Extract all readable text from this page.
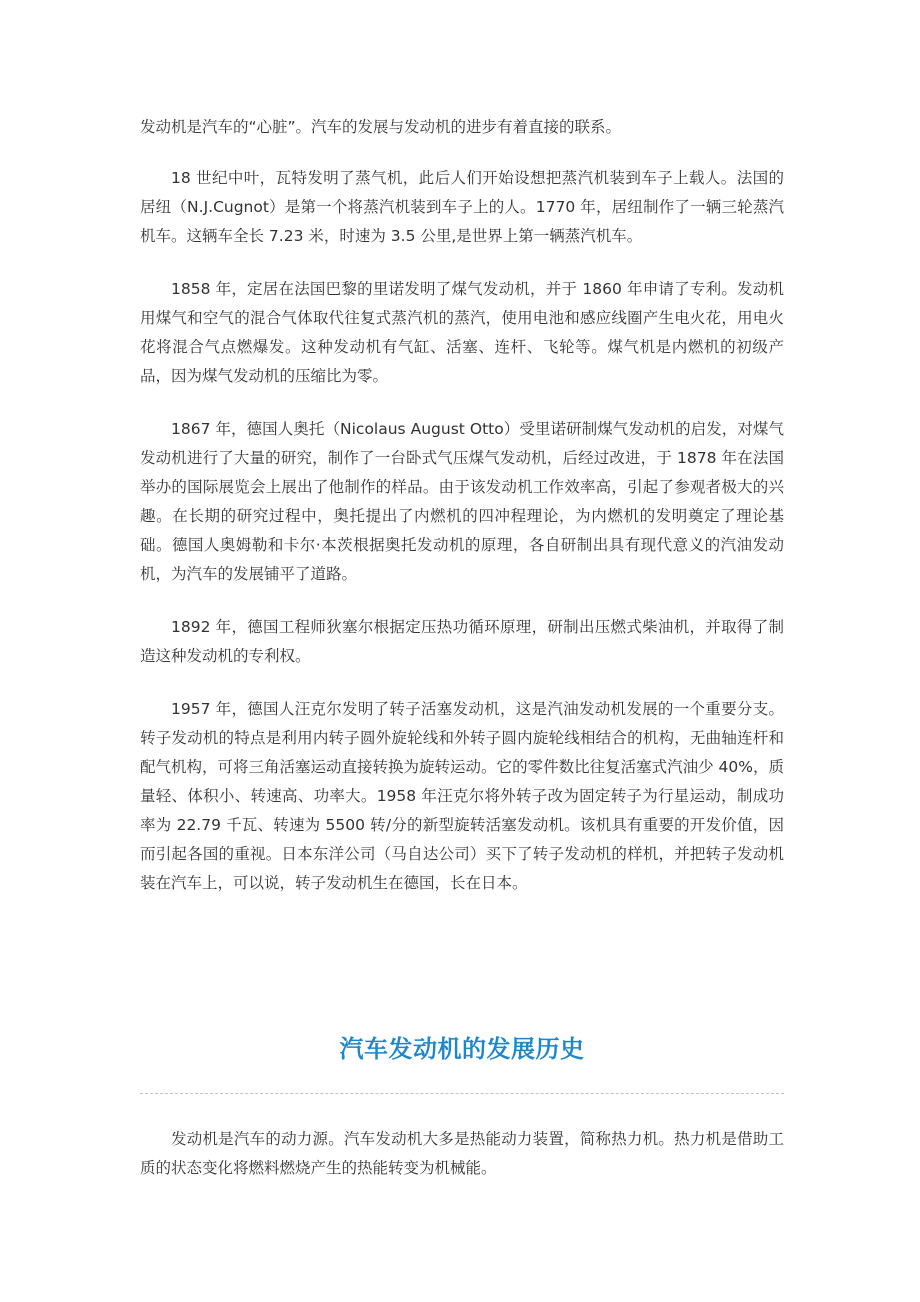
发动机是汽车的“心脏”。汽车的发展与发动机的进步有着直接的联系。

18 世纪中叶，瓦特发明了蒸气机，此后人们开始设想把蒸汽机装到车子上载人。法国的居纽（N.J.Cugnot）是第一个将蒸汽机装到车子上的人。1770 年，居纽制作了一辆三轮蒸汽机车。这辆车全长 7.23 米，时速为 3.5 公里,是世界上第一辆蒸汽机车。

1858 年，定居在法国巴黎的里诺发明了煤气发动机，并于 1860 年申请了专利。发动机用煤气和空气的混合气体取代往复式蒸汽机的蒸汽，使用电池和感应线圈产生电火花，用电火花将混合气点燃爆发。这种发动机有气缸、活塞、连杆、飞轮等。煤气机是内燃机的初级产品，因为煤气发动机的压缩比为零。

1867 年，德国人奥托（Nicolaus August Otto）受里诺研制煤气发动机的启发，对煤气发动机进行了大量的研究，制作了一台卧式气压煤气发动机，后经过改进，于 1878 年在法国举办的国际展览会上展出了他制作的样品。由于该发动机工作效率高，引起了参观者极大的兴趣。在长期的研究过程中，奥托提出了内燃机的四冲程理论，为内燃机的发明奠定了理论基础。德国人奥姆勒和卡尔·本茨根据奥托发动机的原理，各自研制出具有现代意义的汽油发动机，为汽车的发展铺平了道路。

1892 年，德国工程师狄塞尔根据定压热功循环原理，研制出压燃式柴油机，并取得了制造这种发动机的专利权。

1957 年，德国人汪克尔发明了转子活塞发动机，这是汽油发动机发展的一个重要分支。转子发动机的特点是利用内转子圆外旋轮线和外转子圆内旋轮线相结合的机构，无曲轴连杆和配气机构，可将三角活塞运动直接转换为旋转运动。它的零件数比往复活塞式汽油少 40%，质量轻、体积小、转速高、功率大。1958 年汪克尔将外转子改为固定转子为行星运动，制成功率为 22.79 千瓦、转速为 5500 转/分的新型旋转活塞发动机。该机具有重要的开发价值，因而引起各国的重视。日本东洋公司（马自达公司）买下了转子发动机的样机，并把转子发动机装在汽车上，可以说，转子发动机生在德国，长在日本。

汽车发动机的发展历史

发动机是汽车的动力源。汽车发动机大多是热能动力装置，简称热力机。热力机是借助工质的状态变化将燃料燃烧产生的热能转变为机械能。
